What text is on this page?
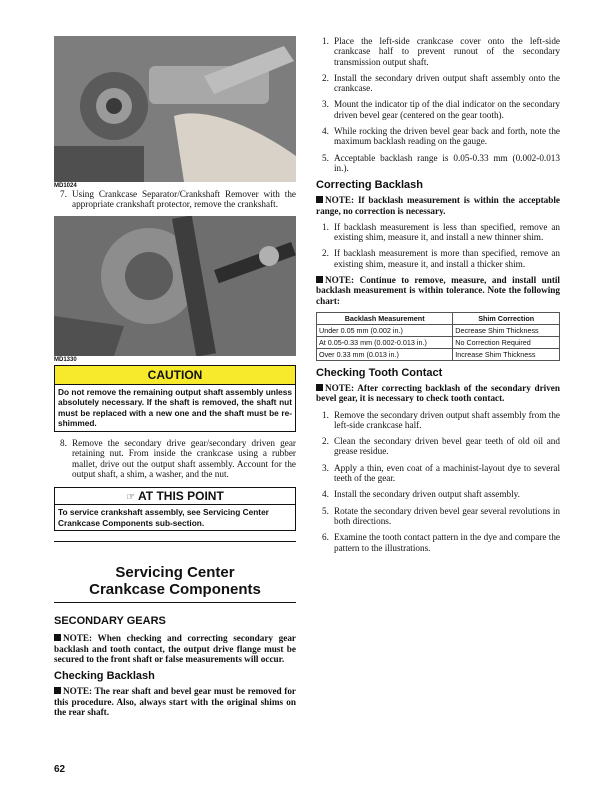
MD1024
7. Using Crankcase Separator/Crankshaft Remover with the appropriate crankshaft protector, remove the crankshaft.
MD1330
CAUTION
Do not remove the remaining output shaft assembly unless absolutely necessary. If the shaft is removed, the shaft nut must be replaced with a new one and the shaft must be re-shimmed.
8. Remove the secondary drive gear/secondary driven gear retaining nut. From inside the crankcase using a rubber mallet, drive out the output shaft assembly. Account for the output shaft, a shim, a washer, and the nut.
☞ AT THIS POINT
To service crankshaft assembly, see Servicing Center Crankcase Components sub-section.
Servicing Center
Crankcase Components
SECONDARY GEARS
NOTE: When checking and correcting secondary gear backlash and tooth contact, the output drive flange must be secured to the front shaft or false measurements will occur.
Checking Backlash
NOTE: The rear shaft and bevel gear must be removed for this procedure. Also, always start with the original shims on the rear shaft.
1. Place the left-side crankcase cover onto the left-side crankcase half to prevent runout of the secondary transmission output shaft.
2. Install the secondary driven output shaft assembly onto the crankcase.
3. Mount the indicator tip of the dial indicator on the secondary driven bevel gear (centered on the gear tooth).
4. While rocking the driven bevel gear back and forth, note the maximum backlash reading on the gauge.
5. Acceptable backlash range is 0.05-0.33 mm (0.002-0.013 in.).
Correcting Backlash
NOTE: If backlash measurement is within the acceptable range, no correction is necessary.
1. If backlash measurement is less than specified, remove an existing shim, measure it, and install a new thinner shim.
2. If backlash measurement is more than specified, remove an existing shim, measure it, and install a thicker shim.
NOTE: Continue to remove, measure, and install until backlash measurement is within tolerance. Note the following chart:
Backlash Measurement	Shim Correction
Under 0.05 mm (0.002 in.)	Decrease Shim Thickness
At 0.05-0.33 mm (0.002-0.013 in.)	No Correction Required
Over 0.33 mm (0.013 in.)	Increase Shim Thickness
Checking Tooth Contact
NOTE: After correcting backlash of the secondary driven bevel gear, it is necessary to check tooth contact.
1. Remove the secondary driven output shaft assembly from the left-side crankcase half.
2. Clean the secondary driven bevel gear teeth of old oil and grease residue.
3. Apply a thin, even coat of a machinist-layout dye to several teeth of the gear.
4. Install the secondary driven output shaft assembly.
5. Rotate the secondary driven bevel gear several revolutions in both directions.
6. Examine the tooth contact pattern in the dye and compare the pattern to the illustrations.
62
